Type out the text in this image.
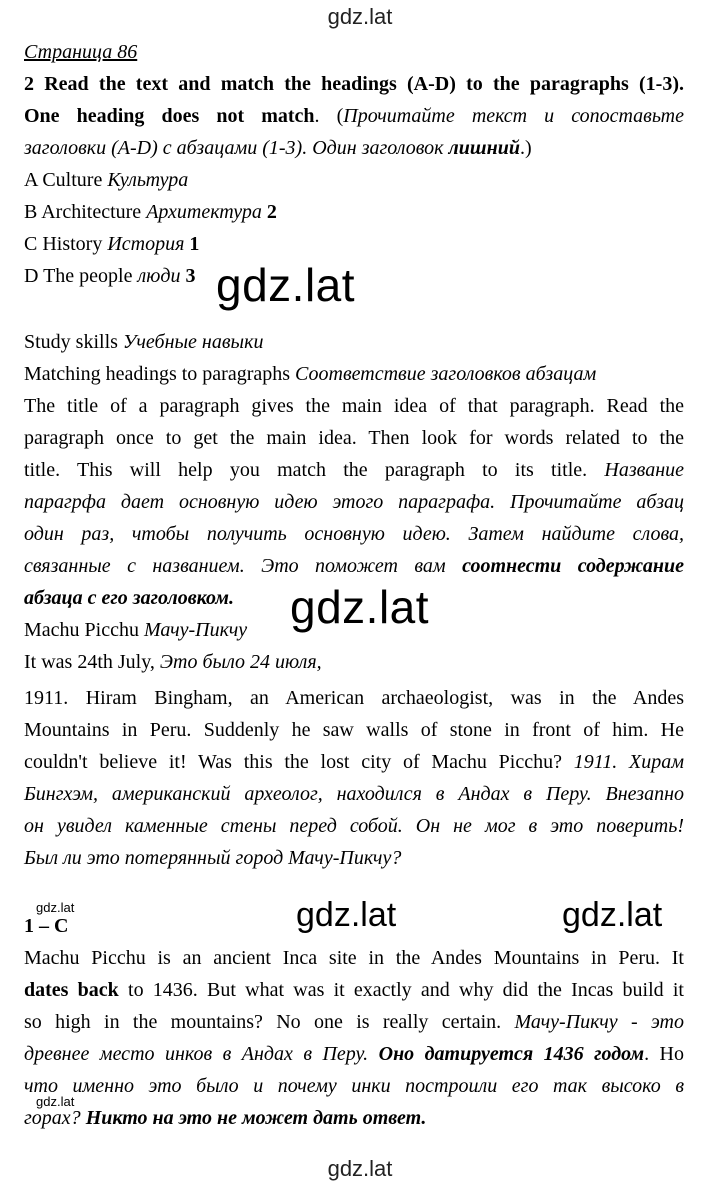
gdz.lat
gdz.lat
gdz.lat
gdz.lat	gdz.lat
gdz.lat
gdz.lat
gdz.lat
Страница 86
2 Read the text and match the headings (A-D) to the paragraphs (1-3).
One heading does not match. (Прочитайте текст и сопоставьте
заголовки (A-D) с абзацами (1-3). Один заголовок лишний.)
A Culture Культура
B Architecture Архитектура 2
C History История 1
D The people люди 3
Study skills Учебные навыки
Matching headings to paragraphs Соответствие заголовков абзацам
The title of a paragraph gives the main idea of that paragraph. Read the
paragraph once to get the main idea. Then look for words related to the
title. This will help you match the paragraph to its title. Название
парагрфа дает основную идею этого параграфа. Прочитайте абзац
один раз, чтобы получить основную идею. Затем найдите слова,
связанные с названием. Это поможет вам соотнести содержание
абзаца с его заголовком.
Machu Picchu Мачу-Пикчу
It was 24th July, Это было 24 июля,
1911. Hiram Bingham, an American archaeologist, was in the Andes
Mountains in Peru. Suddenly he saw walls of stone in front of him. He
couldn't believe it! Was this the lost city of Machu Picchu? 1911. Хирам
Бингхэм, американский археолог, находился в Андах в Перу. Внезапно
он увидел каменные стены перед собой. Он не мог в это поверить!
Был ли это потерянный город Мачу-Пикчу?
1 – C
Machu Picchu is an ancient Inca site in the Andes Mountains in Peru. It
dates back to 1436. But what was it exactly and why did the Incas build it
so high in the mountains? No one is really certain. Мачу-Пикчу - это
древнее место инков в Андах в Перу. Оно датируется 1436 годом. Но
что именно это было и почему инки построили его так высоко в
горах? Никто на это не может дать ответ.
